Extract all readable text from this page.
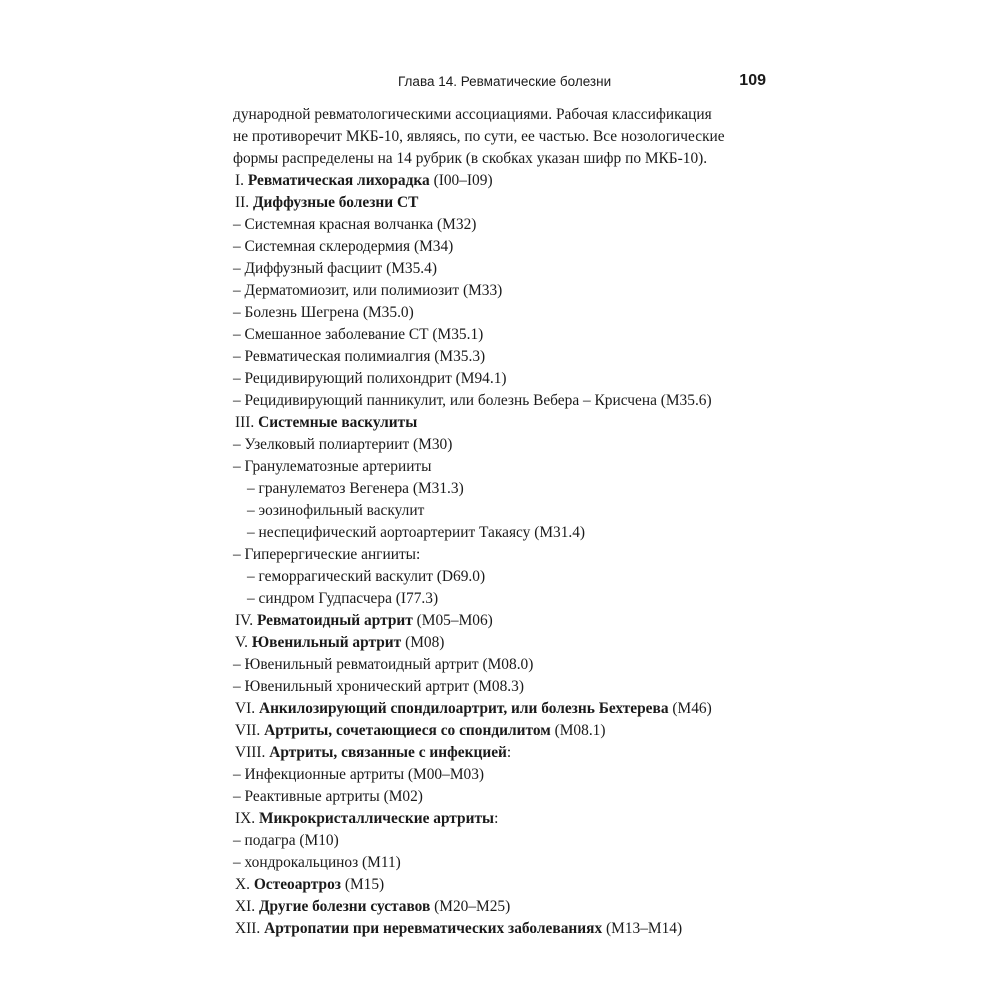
Глава 14. Ревматические болезни	109

дународной ревматологическими ассоциациями. Рабочая классификация
не противоречит МКБ-10, являясь, по сути, ее частью. Все нозологические
формы распределены на 14 рубрик (в скобках указан шифр по МКБ-10).

I. Ревматическая лихорадка (I00–I09)
II. Диффузные болезни СТ
– Системная красная волчанка (М32)
– Системная склеродермия (М34)
– Диффузный фасциит (М35.4)
– Дерматомиозит, или полимиозит (М33)
– Болезнь Шегрена (М35.0)
– Смешанное заболевание СТ (М35.1)
– Ревматическая полимиалгия (М35.3)
– Рецидивирующий полихондрит (М94.1)
– Рецидивирующий панникулит, или болезнь Вебера – Крисчена (М35.6)
III. Системные васкулиты
– Узелковый полиартериит (М30)
– Гранулематозные артерииты
– гранулематоз Вегенера (М31.3)
– эозинофильный васкулит
– неспецифический аортоартериит Такаясу (М31.4)
– Гиперергические ангииты:
– геморрагический васкулит (D69.0)
– синдром Гудпасчера (I77.3)
IV. Ревматоидный артрит (М05–М06)
V. Ювенильный артрит (М08)
– Ювенильный ревматоидный артрит (М08.0)
– Ювенильный хронический артрит (М08.3)
VI. Анкилозирующий спондилоартрит, или болезнь Бехтерева (М46)
VII. Артриты, сочетающиеся со спондилитом (М08.1)
VIII. Артриты, связанные с инфекцией:
– Инфекционные артриты (М00–М03)
– Реактивные артриты (М02)
IX. Микрокристаллические артриты:
– подагра (М10)
– хондрокальциноз (М11)
X. Остеоартроз (М15)
XI. Другие болезни суставов (М20–М25)
XII. Артропатии при неревматических заболеваниях (М13–М14)
